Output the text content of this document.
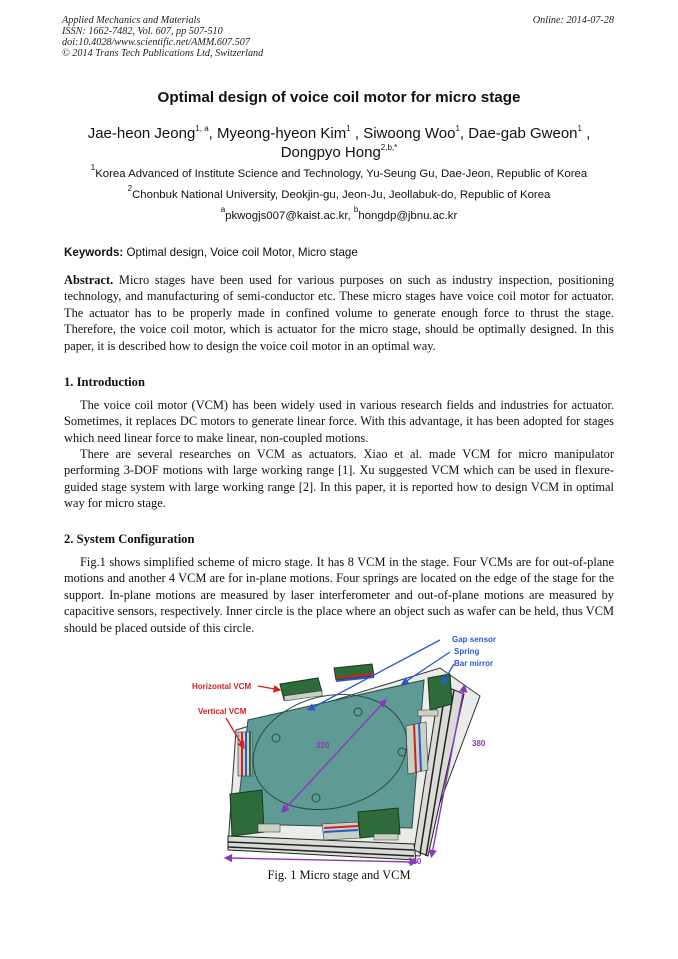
Applied Mechanics and Materials
ISSN: 1662-7482, Vol. 607, pp 507-510
doi:10.4028/www.scientific.net/AMM.607.507
© 2014 Trans Tech Publications Ltd, Switzerland
Online: 2014-07-28
Optimal design of voice coil motor for micro stage
Jae-heon Jeong$^{1, a}$, Myeong-hyeon Kim$^1$ , Siwoong Woo$^1$, Dae-gab Gweon$^1$ ,
Dongpyo Hong$^{2,b,*}$
$^1$Korea Advanced of Institute Science and Technology, Yu-Seung Gu, Dae-Jeon, Republic of Korea
$^2$Chonbuk National University, Deokjin-gu, Jeon-Ju, Jeollabuk-do, Republic of Korea
$^a$pkwogjs007@kaist.ac.kr, $^b$hongdp@jbnu.ac.kr
Keywords: Optimal design, Voice coil Motor, Micro stage
Abstract. Micro stages have been used for various purposes on such as industry inspection, positioning technology, and manufacturing of semi-conductor etc. These micro stages have voice coil motor for actuator. The actuator has to be properly made in confined volume to generate enough force to thrust the stage. Therefore, the voice coil motor, which is actuator for the micro stage, should be optimally designed. In this paper, it is described how to design the voice coil motor in an optimal way.
1. Introduction
The voice coil motor (VCM) has been widely used in various research fields and industries for actuator. Sometimes, it replaces DC motors to generate linear force. With this advantage, it has been adopted for stages which need linear force to make linear, non-coupled motions.
There are several researches on VCM as actuators. Xiao et al. made VCM for micro manipulator performing 3-DOF motions with large working range [1]. Xu suggested VCM which can be used in flexure-guided stage system with large working range [2]. In this paper, it is reported how to design VCM in optimal way for micro stage.
2. System Configuration
Fig.1 shows simplified scheme of micro stage. It has 8 VCM in the stage. Four VCMs are for out-of-plane motions and another 4 VCM are for in-plane motions. Four springs are located on the edge of the stage for the support. In-plane motions are measured by laser interferometer and out-of-plane motions are measured by capacitive sensors, respectively. Inner circle is the place where an object such as wafer can be held, thus VCM should be placed outside of this circle.
320	380
380
Gap sensor
Spring
Bar mirror
Horizontal VCM
Vertical VCM
Fig. 1 Micro stage and VCM
